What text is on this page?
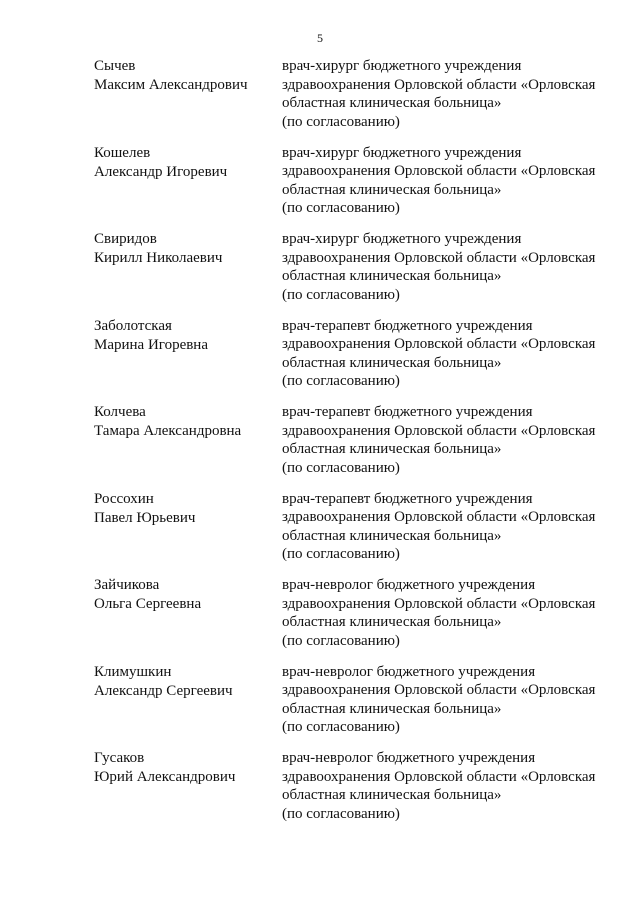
5
Сычев
Максим Александрович
врач-хирург бюджетного учреждения
здравоохранения Орловской области «Орловская
областная клиническая больница»
(по согласованию)
Кошелев
Александр Игоревич
врач-хирург бюджетного учреждения
здравоохранения Орловской области «Орловская
областная клиническая больница»
(по согласованию)
Свиридов
Кирилл Николаевич
врач-хирург бюджетного учреждения
здравоохранения Орловской области «Орловская
областная клиническая больница»
(по согласованию)
Заболотская
Марина Игоревна
врач-терапевт бюджетного учреждения
здравоохранения Орловской области «Орловская
областная клиническая больница»
(по согласованию)
Колчева
Тамара Александровна
врач-терапевт бюджетного учреждения
здравоохранения Орловской области «Орловская
областная клиническая больница»
(по согласованию)
Россохин
Павел Юрьевич
врач-терапевт бюджетного учреждения
здравоохранения Орловской области «Орловская
областная клиническая больница»
(по согласованию)
Зайчикова
Ольга Сергеевна
врач-невролог бюджетного учреждения
здравоохранения Орловской области «Орловская
областная клиническая больница»
(по согласованию)
Климушкин
Александр Сергеевич
врач-невролог бюджетного учреждения
здравоохранения Орловской области «Орловская
областная клиническая больница»
(по согласованию)
Гусаков
Юрий Александрович
врач-невролог бюджетного учреждения
здравоохранения Орловской области «Орловская
областная клиническая больница»
(по согласованию)
